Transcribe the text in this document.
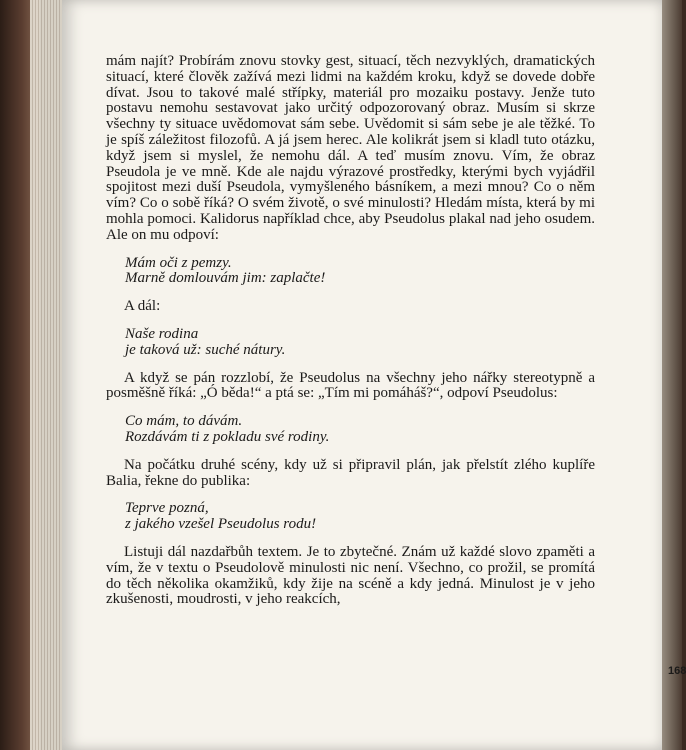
mám najít? Probírám znovu stovky gest, situací, těch nezvyklých, dramatických situací, které člověk zažívá mezi lidmi na každém kroku, když se dovede dobře dívat. Jsou to takové malé střípky, materiál pro mozaiku postavy. Jenže tuto postavu nemohu sestavovat jako určitý odpozorovaný obraz. Musím si skrze všechny ty situace uvědomovat sám sebe. Uvědomit si sám sebe je ale těžké. To je spíš záležitost filozofů. A já jsem herec. Ale kolikrát jsem si kladl tuto otázku, když jsem si myslel, že nemohu dál. A teď musím znovu. Vím, že obraz Pseudola je ve mně. Kde ale najdu výrazové prostředky, kterými bych vyjádřil spojitost mezi duší Pseudola, vymyšleného básníkem, a mezi mnou? Co o něm vím? Co o sobě říká? O svém životě, o své minulosti? Hledám místa, která by mi mohla pomoci. Kalidorus například chce, aby Pseudolus plakal nad jeho osudem. Ale on mu odpoví:

Mám oči z pemzy.
Marně domlouvám jim: zaplačte!

A dál:

Naše rodina
je taková už: suché nátury.

A když se pán rozzlobí, že Pseudolus na všechny jeho nářky stereotypně a posměšně říká: „Ó běda!“ a ptá se: „Tím mi pomáháš?“, odpoví Pseudolus:

Co mám, to dávám.
Rozdávám ti z pokladu své rodiny.

Na počátku druhé scény, kdy už si připravil plán, jak přelstít zlého kuplíře Balia, řekne do publika:

Teprve pozná,
z jakého vzešel Pseudolus rodu!

Listuji dál nazdařbůh textem. Je to zbytečné. Znám už každé slovo zpaměti a vím, že v textu o Pseudolově minulosti nic není. Všechno, co prožil, se promítá do těch několika okamžiků, kdy žije na scéně a kdy jedná. Minulost je v jeho zkušenosti, moudrosti, v jeho reakcích,

168
